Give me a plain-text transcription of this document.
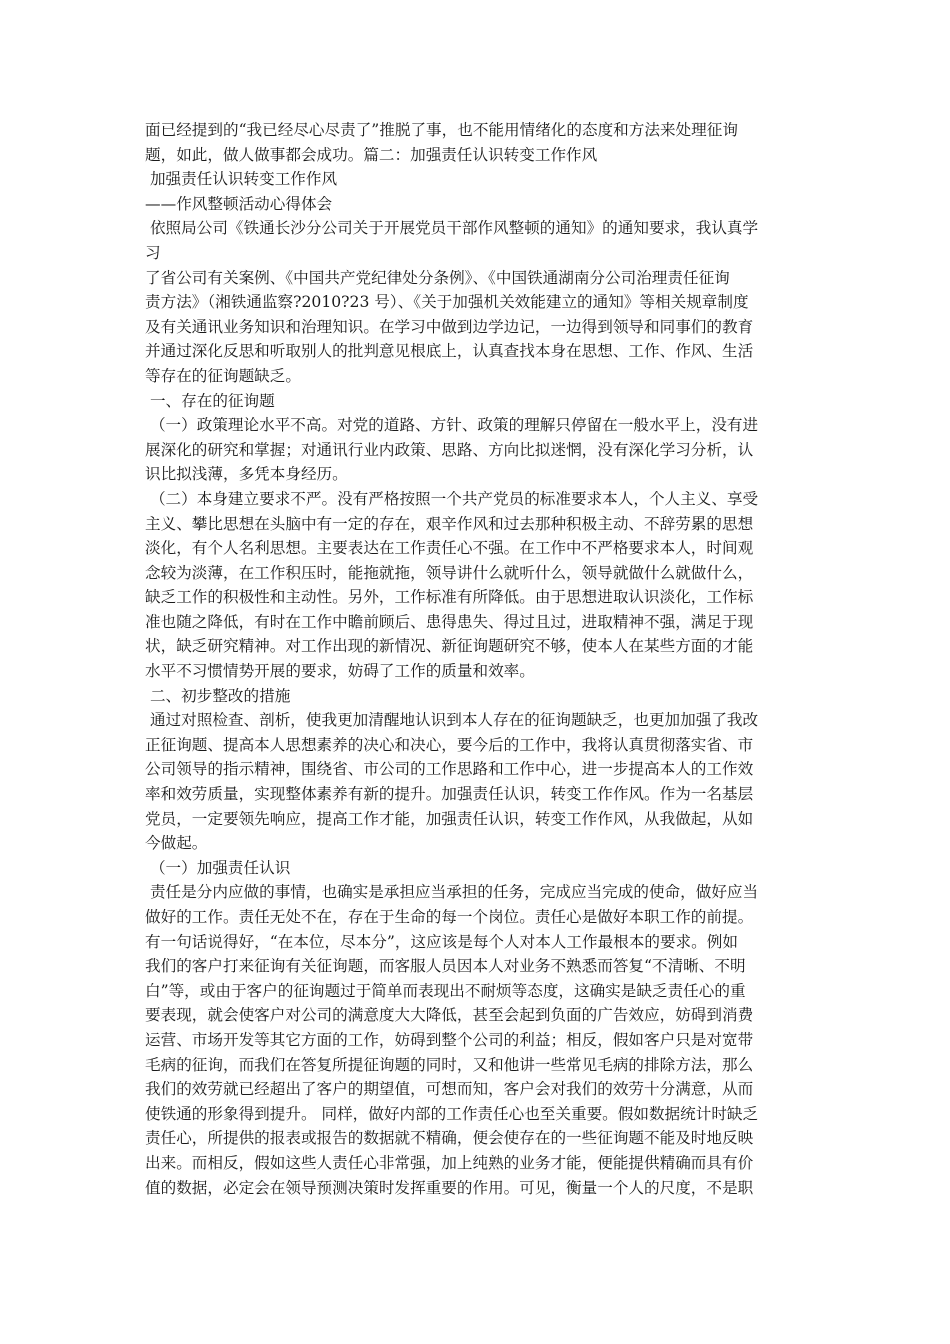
面已经提到的“我已经尽心尽责了”推脱了事，也不能用情绪化的态度和方法来处理征询
题，如此，做人做事都会成功。篇二：加强责任认识转变工作作风
加强责任认识转变工作作风
——作风整顿活动心得体会
依照局公司《铁通长沙分公司关于开展党员干部作风整顿的通知》的通知要求，我认真学
习
了省公司有关案例、《中国共产党纪律处分条例》、《中国铁通湖南分公司治理责任征询
责方法》（湘铁通监察?2010?23 号）、《关于加强机关效能建立的通知》等相关规章制度
及有关通讯业务知识和治理知识。在学习中做到边学边记，一边得到领导和同事们的教育
并通过深化反思和听取别人的批判意见根底上，认真查找本身在思想、工作、作风、生活
等存在的征询题缺乏。
一、存在的征询题
（一）政策理论水平不高。对党的道路、方针、政策的理解只停留在一般水平上，没有进
展深化的研究和掌握；对通讯行业内政策、思路、方向比拟迷惘，没有深化学习分析，认
识比拟浅薄，多凭本身经历。
（二）本身建立要求不严。没有严格按照一个共产党员的标准要求本人，个人主义、享受
主义、攀比思想在头脑中有一定的存在，艰辛作风和过去那种积极主动、不辞劳累的思想
淡化，有个人名利思想。主要表达在工作责任心不强。在工作中不严格要求本人，时间观
念较为淡薄，在工作积压时，能拖就拖，领导讲什么就听什么，领导就做什么就做什么，
缺乏工作的积极性和主动性。另外，工作标准有所降低。由于思想进取认识淡化，工作标
准也随之降低，有时在工作中瞻前顾后、患得患失、得过且过，进取精神不强，满足于现
状，缺乏研究精神。对工作出现的新情况、新征询题研究不够，使本人在某些方面的才能
水平不习惯情势开展的要求，妨碍了工作的质量和效率。
二、初步整改的措施
通过对照检查、剖析，使我更加清醒地认识到本人存在的征询题缺乏，也更加加强了我改
正征询题、提高本人思想素养的决心和决心，要今后的工作中，我将认真贯彻落实省、市
公司领导的指示精神，围绕省、市公司的工作思路和工作中心，进一步提高本人的工作效
率和效劳质量，实现整体素养有新的提升。加强责任认识，转变工作作风。作为一名基层
党员，一定要领先响应，提高工作才能，加强责任认识，转变工作作风，从我做起，从如
今做起。
（一）加强责任认识
责任是分内应做的事情，也确实是承担应当承担的任务，完成应当完成的使命，做好应当
做好的工作。责任无处不在，存在于生命的每一个岗位。责任心是做好本职工作的前提。
有一句话说得好，“在本位，尽本分”，这应该是每个人对本人工作最根本的要求。例如
我们的客户打来征询有关征询题，而客服人员因本人对业务不熟悉而答复“不清晰、不明
白”等，或由于客户的征询题过于简单而表现出不耐烦等态度，这确实是缺乏责任心的重
要表现，就会使客户对公司的满意度大大降低，甚至会起到负面的广告效应，妨碍到消费
运营、市场开发等其它方面的工作，妨碍到整个公司的利益；相反，假如客户只是对宽带
毛病的征询，而我们在答复所提征询题的同时，又和他讲一些常见毛病的排除方法，那么
我们的效劳就已经超出了客户的期望值，可想而知，客户会对我们的效劳十分满意，从而
使铁通的形象得到提升。 同样，做好内部的工作责任心也至关重要。假如数据统计时缺乏
责任心，所提供的报表或报告的数据就不精确，便会使存在的一些征询题不能及时地反映
出来。而相反，假如这些人责任心非常强，加上纯熟的业务才能，便能提供精确而具有价
值的数据，必定会在领导预测决策时发挥重要的作用。可见，衡量一个人的尺度，不是职
